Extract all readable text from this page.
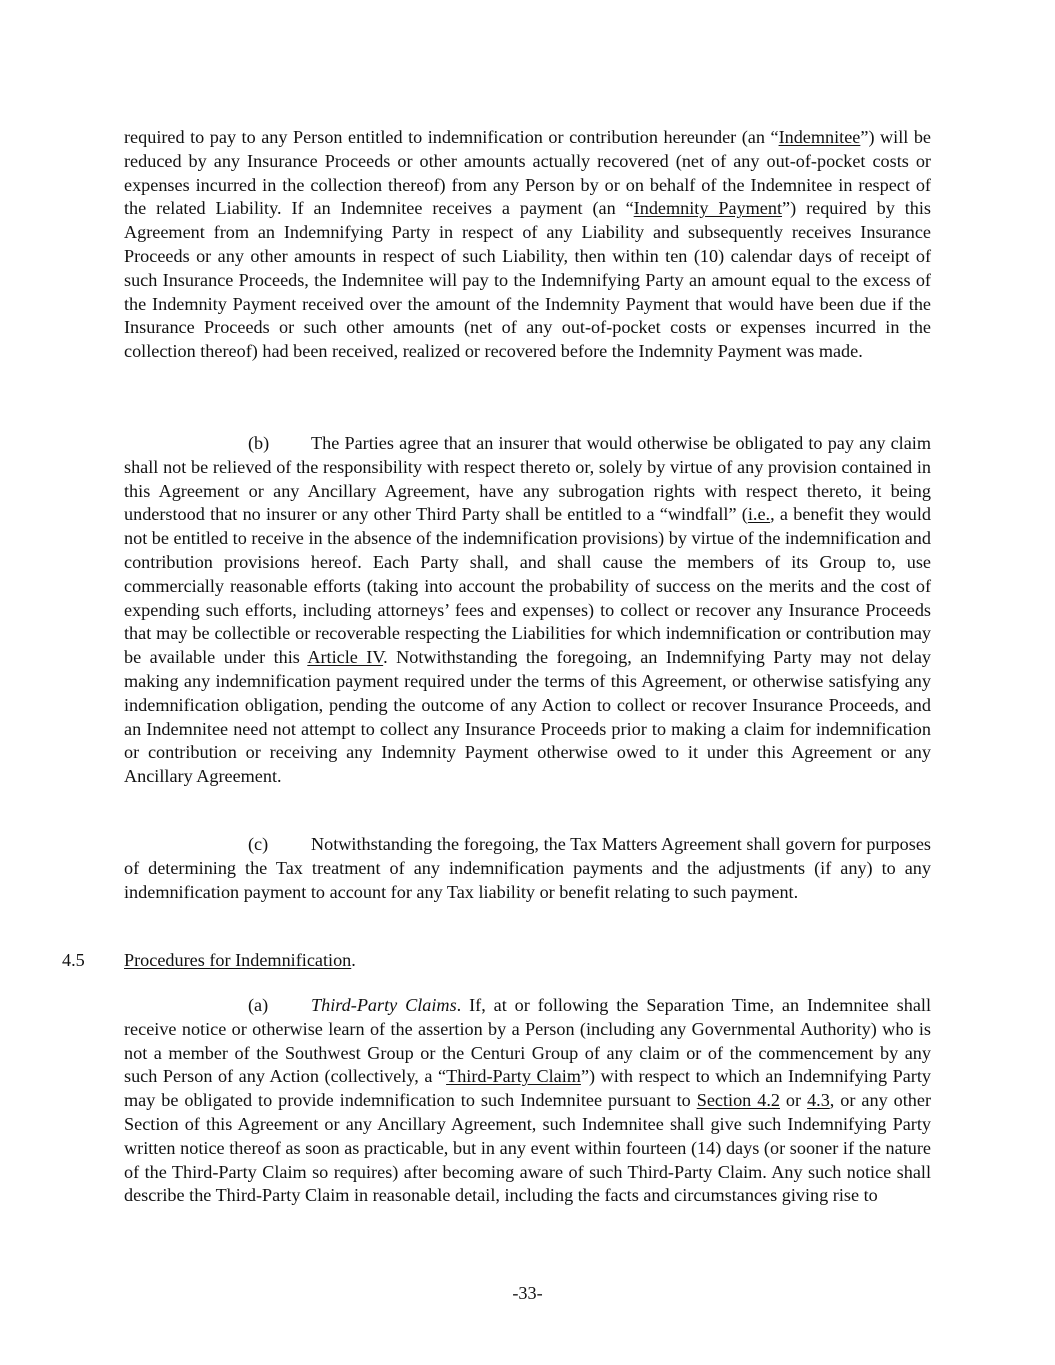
required to pay to any Person entitled to indemnification or contribution hereunder (an “Indemnitee”) will be reduced by any Insurance Proceeds or other amounts actually recovered (net of any out-of-pocket costs or expenses incurred in the collection thereof) from any Person by or on behalf of the Indemnitee in respect of the related Liability. If an Indemnitee receives a payment (an “Indemnity Payment”) required by this Agreement from an Indemnifying Party in respect of any Liability and subsequently receives Insurance Proceeds or any other amounts in respect of such Liability, then within ten (10) calendar days of receipt of such Insurance Proceeds, the Indemnitee will pay to the Indemnifying Party an amount equal to the excess of the Indemnity Payment received over the amount of the Indemnity Payment that would have been due if the Insurance Proceeds or such other amounts (net of any out-of-pocket costs or expenses incurred in the collection thereof) had been received, realized or recovered before the Indemnity Payment was made.

(b) The Parties agree that an insurer that would otherwise be obligated to pay any claim shall not be relieved of the responsibility with respect thereto or, solely by virtue of any provision contained in this Agreement or any Ancillary Agreement, have any subrogation rights with respect thereto, it being understood that no insurer or any other Third Party shall be entitled to a “windfall” (i.e., a benefit they would not be entitled to receive in the absence of the indemnification provisions) by virtue of the indemnification and contribution provisions hereof. Each Party shall, and shall cause the members of its Group to, use commercially reasonable efforts (taking into account the probability of success on the merits and the cost of expending such efforts, including attorneys’ fees and expenses) to collect or recover any Insurance Proceeds that may be collectible or recoverable respecting the Liabilities for which indemnification or contribution may be available under this Article IV. Notwithstanding the foregoing, an Indemnifying Party may not delay making any indemnification payment required under the terms of this Agreement, or otherwise satisfying any indemnification obligation, pending the outcome of any Action to collect or recover Insurance Proceeds, and an Indemnitee need not attempt to collect any Insurance Proceeds prior to making a claim for indemnification or contribution or receiving any Indemnity Payment otherwise owed to it under this Agreement or any Ancillary Agreement.

(c) Notwithstanding the foregoing, the Tax Matters Agreement shall govern for purposes of determining the Tax treatment of any indemnification payments and the adjustments (if any) to any indemnification payment to account for any Tax liability or benefit relating to such payment.

4.5 Procedures for Indemnification.

(a) Third-Party Claims. If, at or following the Separation Time, an Indemnitee shall receive notice or otherwise learn of the assertion by a Person (including any Governmental Authority) who is not a member of the Southwest Group or the Centuri Group of any claim or of the commencement by any such Person of any Action (collectively, a “Third-Party Claim”) with respect to which an Indemnifying Party may be obligated to provide indemnification to such Indemnitee pursuant to Section 4.2 or 4.3, or any other Section of this Agreement or any Ancillary Agreement, such Indemnitee shall give such Indemnifying Party written notice thereof as soon as practicable, but in any event within fourteen (14) days (or sooner if the nature of the Third-Party Claim so requires) after becoming aware of such Third-Party Claim. Any such notice shall describe the Third-Party Claim in reasonable detail, including the facts and circumstances giving rise to

-33-
